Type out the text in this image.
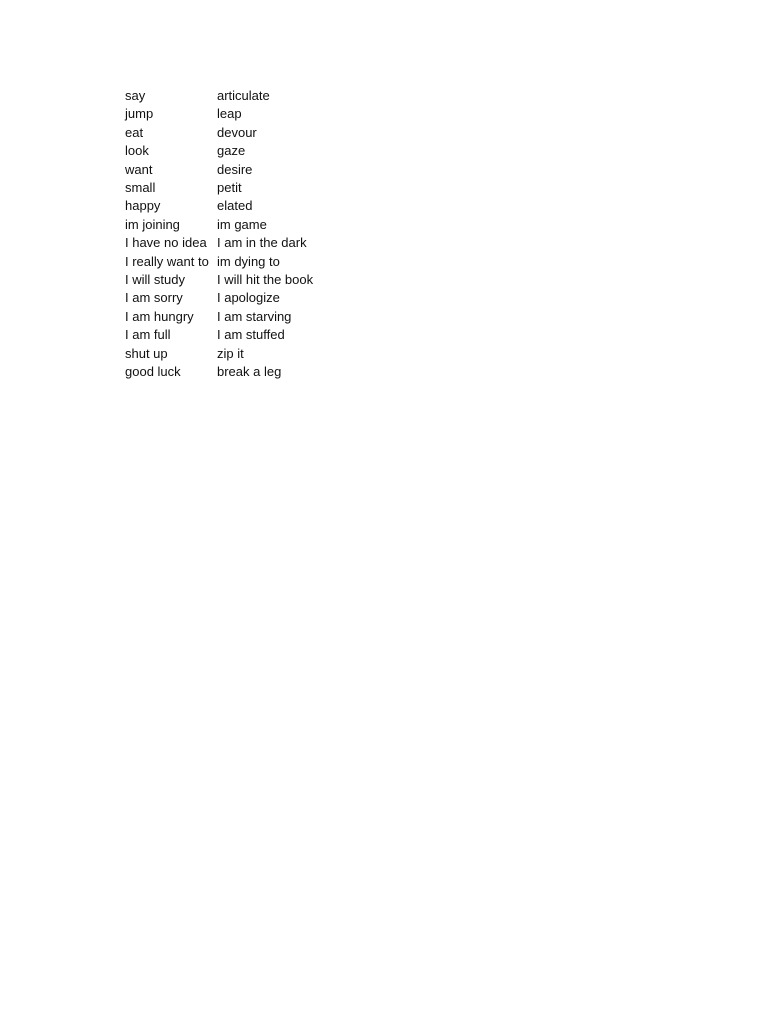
say	articulate
jump	leap
eat	devour
look	gaze
want	desire
small	petit
happy	elated
im joining	im game
I have no idea	I am in the dark
I really want to	im dying to
I will study	I will hit the book
I am sorry	I apologize
I am hungry	I am starving
I am full	I am stuffed
shut up	zip it
good luck	break a leg
